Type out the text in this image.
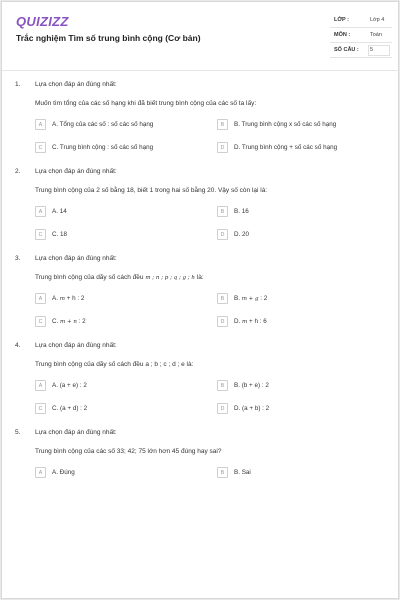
QUIZIZZ
Trắc nghiệm Tìm số trung bình cộng (Cơ bản)
LỚP :	Lớp 4
MÔN :	Toán
SỐ CÂU : 5
1. Lựa chọn đáp án đúng nhất:
Muốn tìm tổng của các số hạng khi đã biết trung bình cộng của các số ta lấy:
A	A. Tổng của các số : số các số hạng	B	B. Trung bình cộng x số các số hạng
C	C. Trung bình cộng : số các số hạng	D	D. Trung bình cộng + số các số hạng
2. Lựa chọn đáp án đúng nhất:
Trung bình cộng của 2 số bằng 18, biết 1 trong hai số bằng 20. Vậy số còn lại là:
A	A. 14	B	B. 16
C	C. 18	D	D. 20
3. Lựa chọn đáp án đúng nhất:
Trung bình cộng của dãy số cách đều m ; n ; p ; q ; g ; h là:
A	A. m + h : 2	B	B. m + g : 2
C	C. m + n : 2	D	D. m + h : 6
4. Lựa chọn đáp án đúng nhất:
Trung bình cộng của dãy số cách đều a ; b ; c ; d ; e là:
A	A. (a + e) : 2	B	B. (b + e) : 2
C	C. (a + d) : 2	D	D. (a + b) : 2
5. Lựa chọn đáp án đúng nhất:
Trung bình cộng của các số 33; 42; 75 lớn hơn 45 đúng hay sai?
A	A. Đúng	B	B. Sai
